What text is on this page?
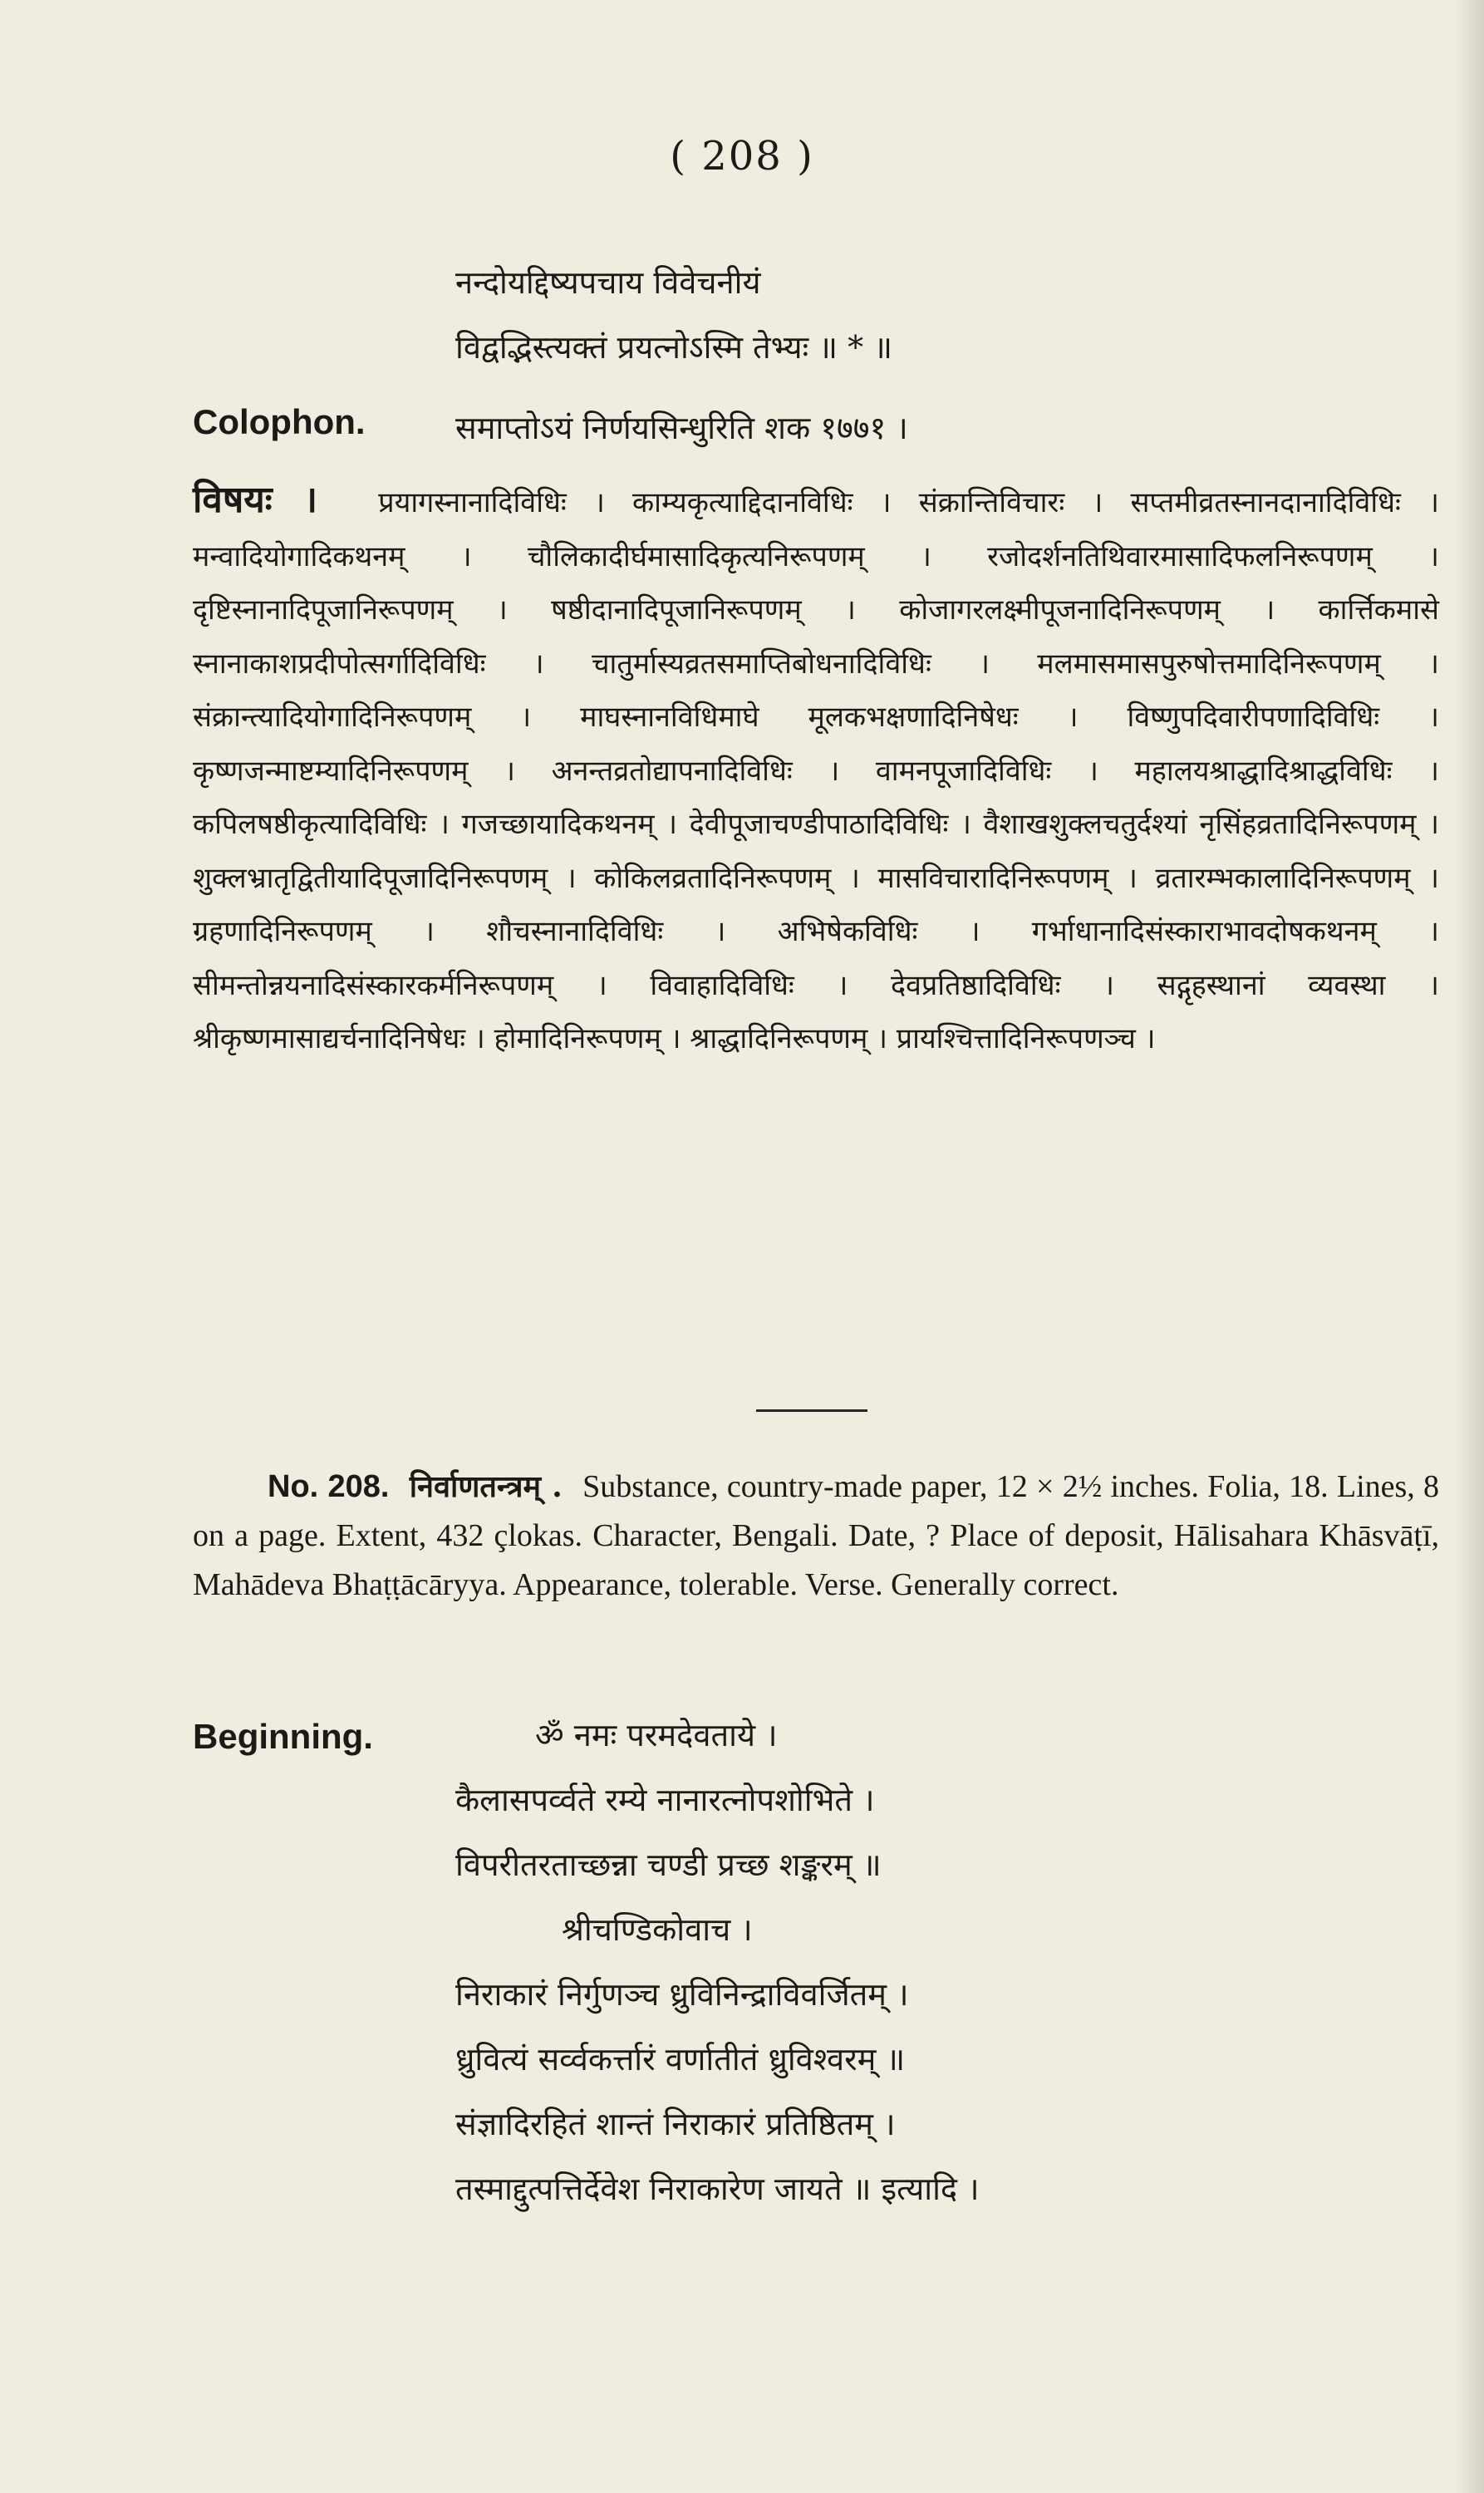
( 208 )
नन्दोयद्दिष्यपचाय विवेचनीयं
विद्वद्भिस्त्यक्तं प्रयत्नोऽस्मि तेभ्यः ॥ * ॥
Colophon.	समाप्तोऽयं निर्णयसिन्धुरिति शक १७७१ ।
विषयः । प्रयागस्नानादिविधिः । काम्यकृत्याद्दिदानविधिः । संक्रान्तिविचारः । सप्तमीव्रतस्नानदानादिविधिः । मन्वादियोगादिकथनम् । चौलिकादीर्घमासादिकृत्यनिरूपणम् । रजोदर्शनतिथिवारमासादिफलनिरूपणम् । दृष्टिस्नानादिपूजानिरूपणम् । षष्ठीदानादिपूजानिरूपणम् । कोजागरलक्ष्मीपूजनादिनिरूपणम् । कार्त्तिकमासे स्नानाकाशप्रदीपोत्सर्गादिविधिः । चातुर्मास्यव्रतसमाप्तिबोधनादिविधिः । मलमासमासपुरुषोत्तमादिनिरूपणम् । संक्रान्त्यादियोगादिनिरूपणम् । माघस्नानविधिमाघे मूलकभक्षणादिनिषेधः । विष्णुपदिवारीपणादिविधिः । कृष्णजन्माष्टम्यादिनिरूपणम् । अनन्तव्रतोद्यापनादिविधिः । वामनपूजादिविधिः । महालयश्राद्धादिश्राद्धविधिः । कपिलषष्ठीकृत्यादिविधिः । गजच्छायादिकथनम् । देवीपूजाचण्डीपाठादिविधिः । वैशाखशुक्लचतुर्दश्यां नृसिंहव्रतादिनिरूपणम् । शुक्लभ्रातृद्वितीयादिपूजादिनिरूपणम् । कोकिलव्रतादिनिरूपणम् । मासविचारादिनिरूपणम् । व्रतारम्भकालादिनिरूपणम् । ग्रहणादिनिरूपणम् । शौचस्नानादिविधिः । अभिषेकविधिः । गर्भाधानादिसंस्काराभावदोषकथनम् । सीमन्तोन्नयनादिसंस्कारकर्मनिरूपणम् । विवाहादिविधिः । देवप्रतिष्ठादिविधिः । सद्गृहस्थानां व्यवस्था । श्रीकृष्णमासाद्यर्चनादिनिषेधः । होमादिनिरूपणम् । श्राद्धादिनिरूपणम् । प्रायश्चित्तादिनिरूपणञ्च ।
No. 208. निर्वाणतन्त्रम् . Substance, country-made paper, 12 × 2½ inches. Folia, 18. Lines, 8 on a page. Extent, 432 çlokas. Character, Bengali. Date, ? Place of deposit, Hālisahara Khāsvāṭī, Mahādeva Bhaṭṭācāryya. Appearance, tolerable. Verse. Generally correct.
Beginning.	ॐ नमः परमदेवताये ।
कैलासपर्व्वते रम्ये नानारत्नोपशोभिते ।
विपरीतरताच्छन्ना चण्डी प्रच्छ शङ्करम् ॥
श्रीचण्डिकोवाच ।
निराकारं निर्गुणञ्च ध्रुविनिन्द्राविवर्जितम् ।
ध्रुवित्यं सर्व्वकर्त्तारं वर्णातीतं ध्रुविश्वरम् ॥
संज्ञादिरहितं शान्तं निराकारं प्रतिष्ठितम् ।
तस्माद्दुत्पत्तिर्देवेश निराकारेण जायते ॥ इत्यादि ।
